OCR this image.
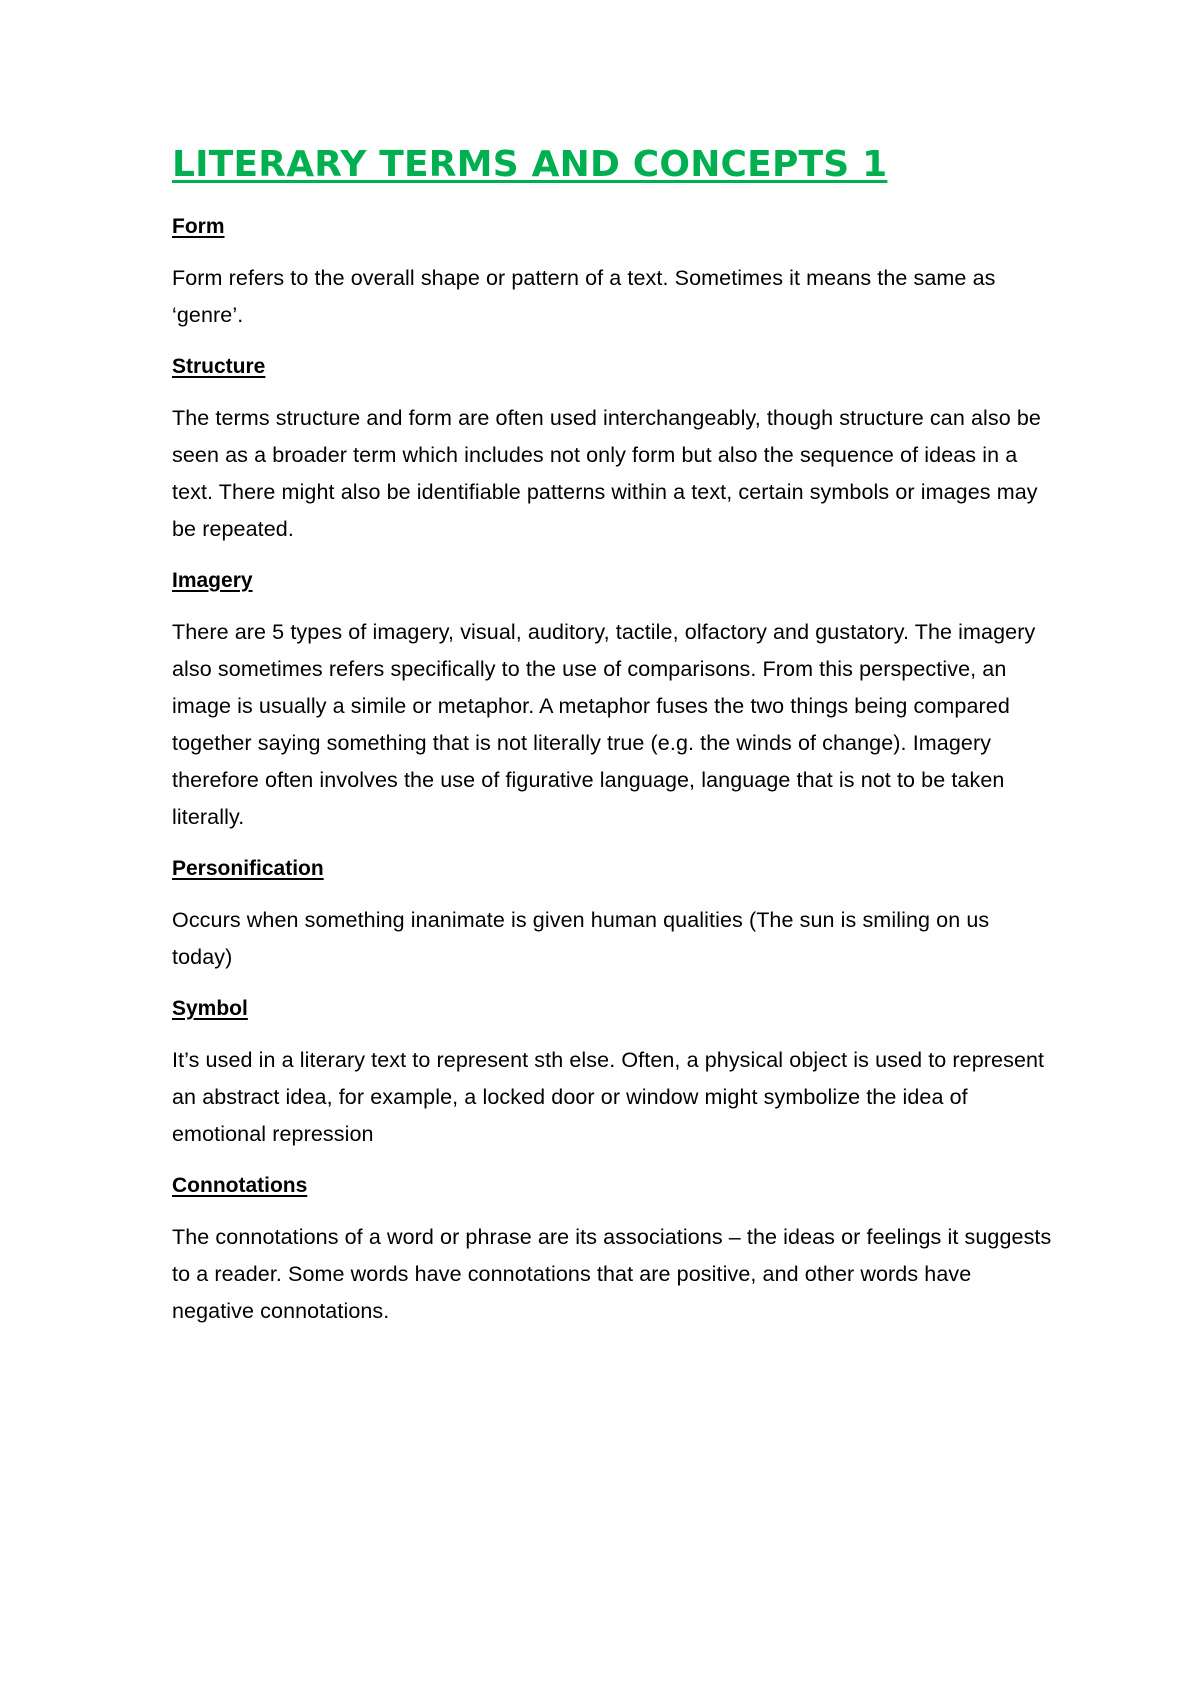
LITERARY TERMS AND CONCEPTS 1
Form

Form refers to the overall shape or pattern of a text. Sometimes it means the same as ‘genre’.

Structure

The terms structure and form are often used interchangeably, though structure can also be seen as a broader term which includes not only form but also the sequence of ideas in a text. There might also be identifiable patterns within a text, certain symbols or images may be repeated.

Imagery

There are 5 types of imagery, visual, auditory, tactile, olfactory and gustatory. The imagery also sometimes refers specifically to the use of comparisons. From this perspective, an image is usually a simile or metaphor. A metaphor fuses the two things being compared together saying something that is not literally true (e.g. the winds of change). Imagery therefore often involves the use of figurative language, language that is not to be taken literally.

Personification

Occurs when something inanimate is given human qualities (The sun is smiling on us today)

Symbol

It’s used in a literary text to represent sth else. Often, a physical object is used to represent an abstract idea, for example, a locked door or window might symbolize the idea of emotional repression

Connotations

The connotations of a word or phrase are its associations – the ideas or feelings it suggests to a reader. Some words have connotations that are positive, and other words have negative connotations.
